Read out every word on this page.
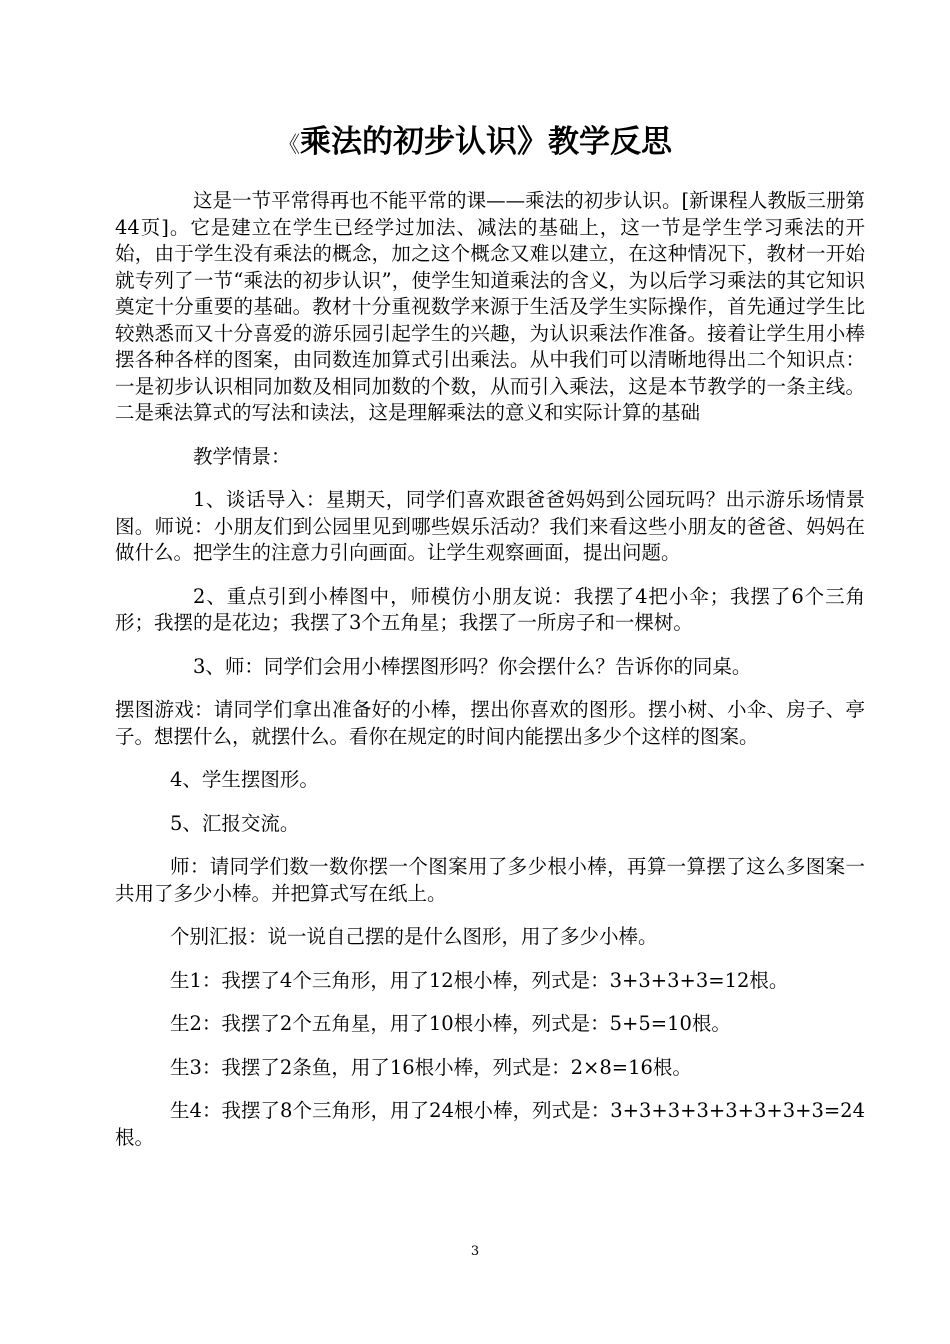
《乘法的初步认识》教学反思

这是一节平常得再也不能平常的课——乘法的初步认识。[新课程人教版三册第44页]。它是建立在学生已经学过加法、减法的基础上，这一节是学生学习乘法的开始，由于学生没有乘法的概念，加之这个概念又难以建立，在这种情况下，教材一开始就专列了一节“乘法的初步认识”，使学生知道乘法的含义，为以后学习乘法的其它知识奠定十分重要的基础。教材十分重视数学来源于生活及学生实际操作，首先通过学生比较熟悉而又十分喜爱的游乐园引起学生的兴趣，为认识乘法作准备。接着让学生用小棒摆各种各样的图案，由同数连加算式引出乘法。从中我们可以清晰地得出二个知识点：一是初步认识相同加数及相同加数的个数，从而引入乘法，这是本节教学的一条主线。二是乘法算式的写法和读法，这是理解乘法的意义和实际计算的基础

教学情景：

1、谈话导入：星期天，同学们喜欢跟爸爸妈妈到公园玩吗？出示游乐场情景图。师说：小朋友们到公园里见到哪些娱乐活动？我们来看这些小朋友的爸爸、妈妈在做什么。把学生的注意力引向画面。让学生观察画面，提出问题。

2、重点引到小棒图中，师模仿小朋友说：我摆了4把小伞；我摆了6个三角形；我摆的是花边；我摆了3个五角星；我摆了一所房子和一棵树。

3、师：同学们会用小棒摆图形吗？你会摆什么？告诉你的同桌。

摆图游戏：请同学们拿出准备好的小棒，摆出你喜欢的图形。摆小树、小伞、房子、亭子。想摆什么，就摆什么。看你在规定的时间内能摆出多少个这样的图案。

4、学生摆图形。

5、汇报交流。

师：请同学们数一数你摆一个图案用了多少根小棒，再算一算摆了这么多图案一共用了多少小棒。并把算式写在纸上。

个别汇报：说一说自己摆的是什么图形，用了多少小棒。

生1：我摆了4个三角形，用了12根小棒，列式是：3+3+3+3=12根。

生2：我摆了2个五角星，用了10根小棒，列式是：5+5=10根。

生3：我摆了2条鱼，用了16根小棒，列式是：2×8=16根。

生4：我摆了8个三角形，用了24根小棒，列式是：3+3+3+3+3+3+3+3=24根。

3
